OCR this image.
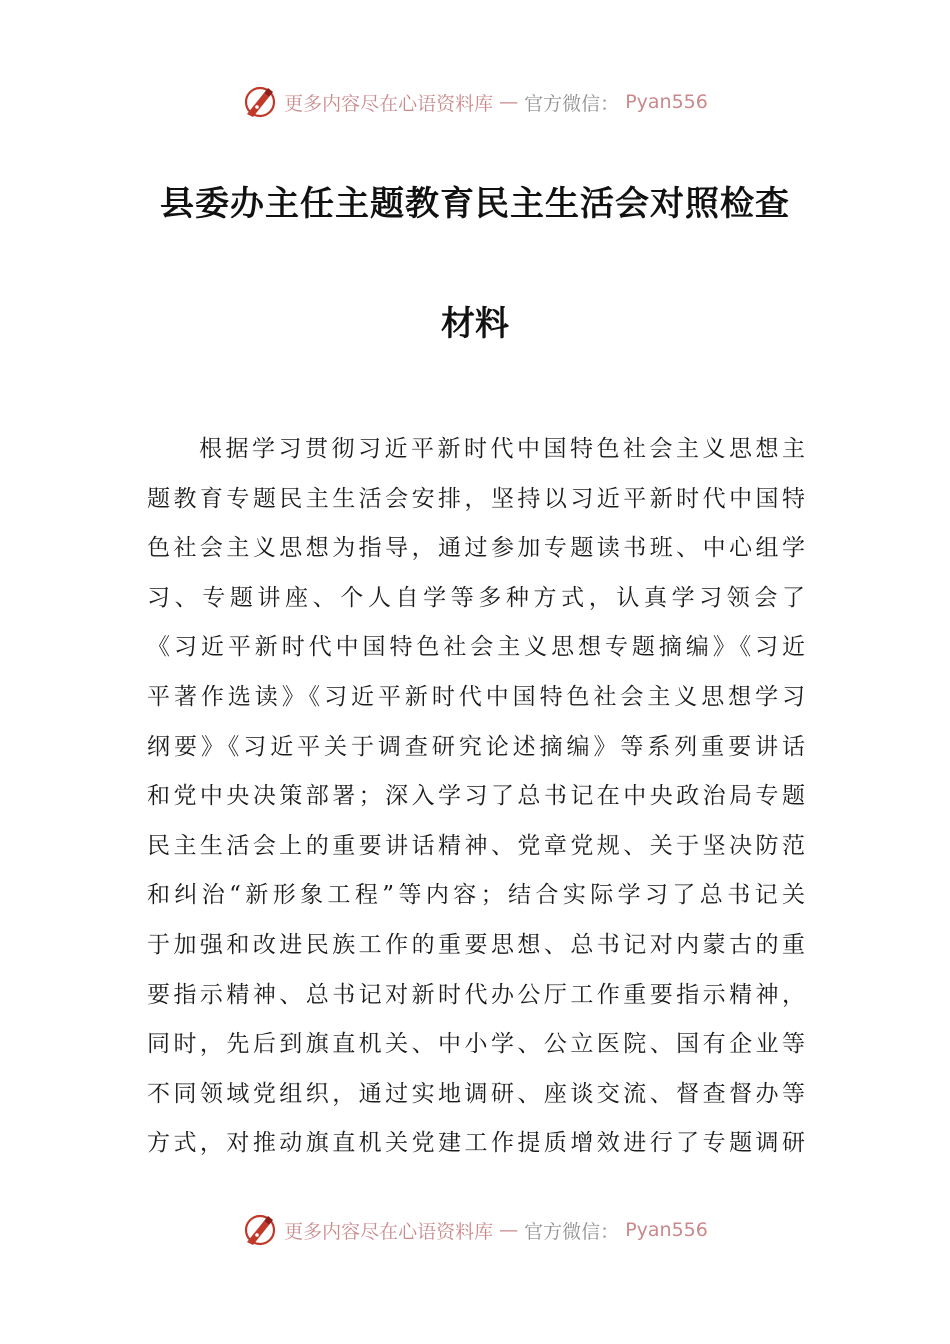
更多内容尽在心语资料库 — 官方微信： Pyan556
县委办主任主题教育民主生活会对照检查
材料
根据学习贯彻习近平新时代中国特色社会主义思想主
题教育专题民主生活会安排，坚持以习近平新时代中国特
色社会主义思想为指导，通过参加专题读书班、中心组学
习、专题讲座、个人自学等多种方式，认真学习领会了
《习近平新时代中国特色社会主义思想专题摘编》《习近
平著作选读》《习近平新时代中国特色社会主义思想学习
纲要》《习近平关于调查研究论述摘编》等系列重要讲话
和党中央决策部署；深入学习了总书记在中央政治局专题
民主生活会上的重要讲话精神、党章党规、关于坚决防范
和纠治“新形象工程”等内容；结合实际学习了总书记关
于加强和改进民族工作的重要思想、总书记对内蒙古的重
要指示精神、总书记对新时代办公厅工作重要指示精神，
同时，先后到旗直机关、中小学、公立医院、国有企业等
不同领域党组织，通过实地调研、座谈交流、督查督办等
方式，对推动旗直机关党建工作提质增效进行了专题调研
更多内容尽在心语资料库 — 官方微信： Pyan556
